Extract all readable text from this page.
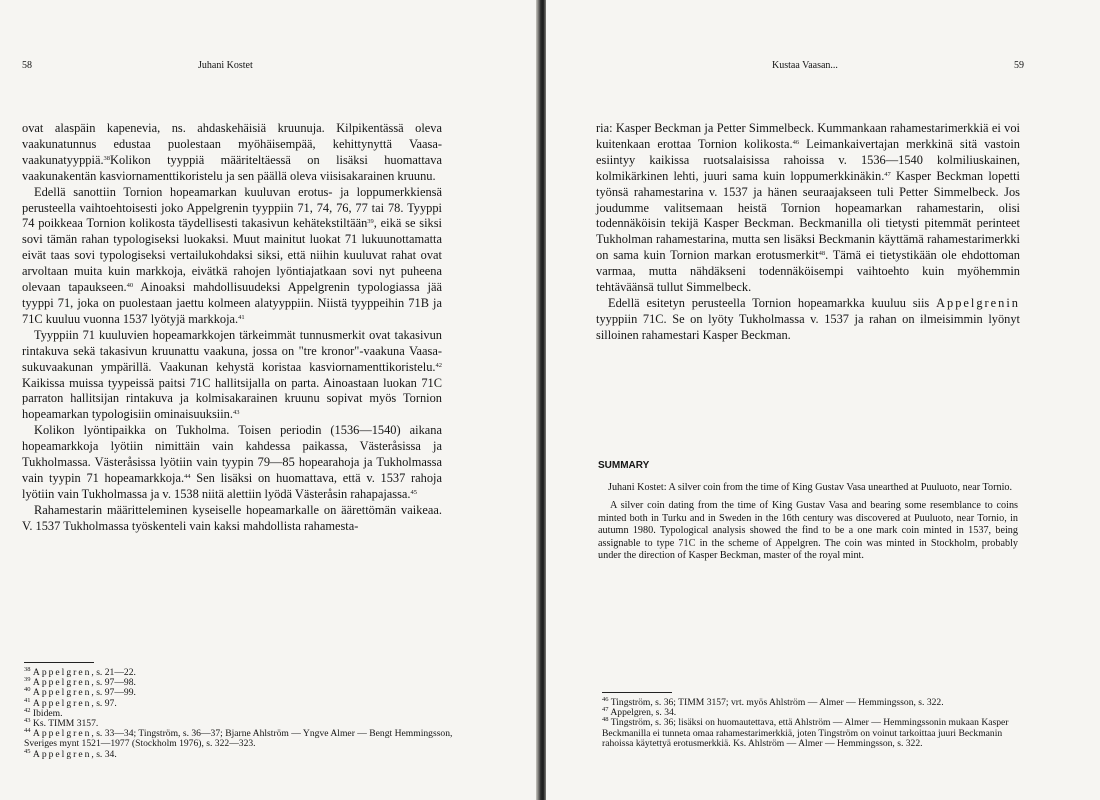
58	Juhani Kostet

ovat alaspäin kapenevia, ns. ahdaskehäisiä kruunuja. Kilpikentässä oleva vaakunatunnus edustaa puolestaan myöhäisempää, kehittynyttä Vaasa-vaakunatyyppiä.$^{38}$Kolikon tyyppiä määriteltäessä on lisäksi huomattava vaakunakentän kasviornamenttikoristelu ja sen päällä oleva viisisakarainen kruunu.

Edellä sanottiin Tornion hopeamarkan kuuluvan erotus- ja loppumerkkiensä perusteella vaihtoehtoisesti joko Appelgrenin tyyppiin 71, 74, 76, 77 tai 78. Tyyppi 74 poikkeaa Tornion kolikosta täydellisesti takasivun kehätekstiltään$^{39}$, eikä se siksi sovi tämän rahan typologiseksi luokaksi. Muut mainitut luokat 71 lukuunottamatta eivät taas sovi typologiseksi vertailukohdaksi siksi, että niihin kuuluvat rahat ovat arvoltaan muita kuin markkoja, eivätkä rahojen lyöntiajatkaan sovi nyt puheena olevaan tapaukseen.$^{40}$ Ainoaksi mahdollisuudeksi Appelgrenin typologiassa jää tyyppi 71, joka on puolestaan jaettu kolmeen alatyyppiin. Niistä tyyppeihin 71B ja 71C kuuluu vuonna 1537 lyötyjä markkoja.$^{41}$

Tyyppiin 71 kuuluvien hopeamarkkojen tärkeimmät tunnusmerkit ovat takasivun rintakuva sekä takasivun kruunattu vaakuna, jossa on "tre kronor"-vaakuna Vaasa-sukuvaakunan ympärillä. Vaakunan kehystä koristaa kasviornamenttikoristelu.$^{42}$ Kaikissa muissa tyypeissä paitsi 71C hallitsijalla on parta. Ainoastaan luokan 71C parraton hallitsijan rintakuva ja kolmisakarainen kruunu sopivat myös Tornion hopeamarkan typologisiin ominaisuuksiin.$^{43}$

Kolikon lyöntipaikka on Tukholma. Toisen periodin (1536—1540) aikana hopeamarkkoja lyötiin nimittäin vain kahdessa paikassa, Västeråsissa ja Tukholmassa. Västeråsissa lyötiin vain tyypin 79—85 hopearahoja ja Tukholmassa vain tyypin 71 hopeamarkkoja.$^{44}$ Sen lisäksi on huomattava, että v. 1537 rahoja lyötiin vain Tukholmassa ja v. 1538 niitä alettiin lyödä Västeråsin rahapajassa.$^{45}$

Rahamestarin määritteleminen kyseiselle hopeamarkalle on äärettömän vaikeaa. V. 1537 Tukholmassa työskenteli vain kaksi mahdollista rahamesta-

$^{38}$ Appelgren, s. 21—22.
$^{39}$ Appelgren, s. 97—98.
$^{40}$ Appelgren, s. 97—99.
$^{41}$ Appelgren, s. 97.
$^{42}$ Ibidem.
$^{43}$ Ks. TIMM 3157.
$^{44}$ Appelgren, s. 33—34; Tingström, s. 36—37; Bjarne Ahlström — Yngve Almer — Bengt Hemmingsson, Sveriges mynt 1521—1977 (Stockholm 1976), s. 322—323.
$^{45}$ Appelgren, s. 34.
Kustaa Vaasan...	59

ria: Kasper Beckman ja Petter Simmelbeck. Kummankaan rahamestarimerkkiä ei voi kuitenkaan erottaa Tornion kolikosta.$^{46}$ Leimankaivertajan merkkinä sitä vastoin esiintyy kaikissa ruotsalaisissa rahoissa v. 1536—1540 kolmiliuskainen, kolmikärkinen lehti, juuri sama kuin loppumerkkinäkin.$^{47}$ Kasper Beckman lopetti työnsä rahamestarina v. 1537 ja hänen seuraajakseen tuli Petter Simmelbeck. Jos joudumme valitsemaan heistä Tornion hopeamarkan rahamestarin, olisi todennäköisin tekijä Kasper Beckman. Beckmanilla oli tietysti pitemmät perinteet Tukholman rahamestarina, mutta sen lisäksi Beckmanin käyttämä rahamestarimerkki on sama kuin Tornion markan erotusmerkit$^{48}$. Tämä ei tietystikään ole ehdottoman varmaa, mutta nähdäkseni todennäköisempi vaihtoehto kuin myöhemmin tehtäväänsä tullut Simmelbeck.

Edellä esitetyn perusteella Tornion hopeamarkka kuuluu siis Appelgrenin tyyppiin 71C. Se on lyöty Tukholmassa v. 1537 ja rahan on ilmeisimmin lyönyt silloinen rahamestari Kasper Beckman.

SUMMARY

Juhani Kostet: A silver coin from the time of King Gustav Vasa unearthed at Puuluoto, near Tornio.

A silver coin dating from the time of King Gustav Vasa and bearing some resemblance to coins minted both in Turku and in Sweden in the 16th century was discovered at Puuluoto, near Tornio, in autumn 1980. Typological analysis showed the find to be a one mark coin minted in 1537, being assignable to type 71C in the scheme of Appelgren. The coin was minted in Stockholm, probably under the direction of Kasper Beckman, master of the royal mint.

$^{46}$ Tingström, s. 36; TIMM 3157; vrt. myös Ahlström — Almer — Hemmingsson, s. 322.
$^{47}$ Appelgren, s. 34.
$^{48}$ Tingström, s. 36; lisäksi on huomautettava, että Ahlström — Almer — Hemmingssonin mukaan Kasper Beckmanilla ei tunneta omaa rahamestarimerkkiä, joten Tingström on voinut tarkoittaa juuri Beckmanin rahoissa käytettyä erotusmerkkiä. Ks. Ahlström — Almer — Hemmingsson, s. 322.
